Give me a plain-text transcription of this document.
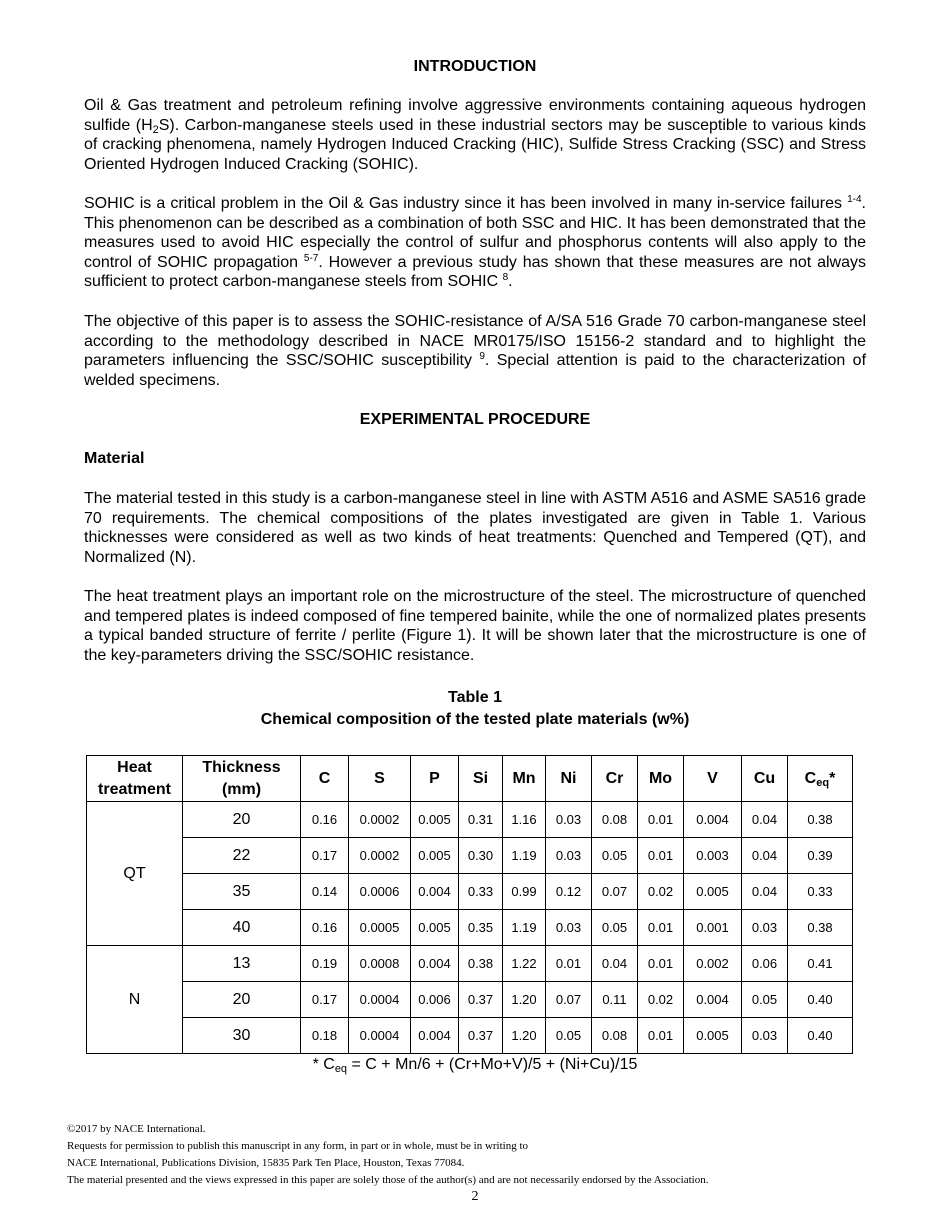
INTRODUCTION

Oil & Gas treatment and petroleum refining involve aggressive environments containing aqueous hydrogen sulfide $(H_2S)$. Carbon-manganese steels used in these industrial sectors may be susceptible to various kinds of cracking phenomena, namely Hydrogen Induced Cracking (HIC), Sulfide Stress Cracking (SSC) and Stress Oriented Hydrogen Induced Cracking (SOHIC).

SOHIC is a critical problem in the Oil & Gas industry since it has been involved in many in-service failures $^{1-4}$. This phenomenon can be described as a combination of both SSC and HIC. It has been demonstrated that the measures used to avoid HIC especially the control of sulfur and phosphorus contents will also apply to the control of SOHIC propagation $^{5-7}$. However a previous study has shown that these measures are not always sufficient to protect carbon-manganese steels from SOHIC $^8$.

The objective of this paper is to assess the SOHIC-resistance of A/SA 516 Grade 70 carbon-manganese steel according to the methodology described in NACE MR0175/ISO 15156-2 standard and to highlight the parameters influencing the SSC/SOHIC susceptibility $^9$. Special attention is paid to the characterization of welded specimens.

EXPERIMENTAL PROCEDURE
Material

The material tested in this study is a carbon-manganese steel in line with ASTM A516 and ASME SA516 grade 70 requirements. The chemical compositions of the plates investigated are given in Table 1. Various thicknesses were considered as well as two kinds of heat treatments: Quenched and Tempered (QT), and Normalized (N).

The heat treatment plays an important role on the microstructure of the steel. The microstructure of quenched and tempered plates is indeed composed of fine tempered bainite, while the one of normalized plates presents a typical banded structure of ferrite / perlite (Figure 1). It will be shown later that the microstructure is one of the key-parameters driving the SSC/SOHIC resistance.

Table 1
Chemical composition of the tested plate materials (w%)
Heat
treatment	Thickness
(mm)	C	S	P	Si	Mn	Ni	Cr	Mo	V	Cu	$C_{eq}*$
QT	20	0.16	0.0002	0.005	0.31	1.16	0.03	0.08	0.01	0.004	0.04	0.38
	22	0.17	0.0002	0.005	0.30	1.19	0.03	0.05	0.01	0.003	0.04	0.39
	35	0.14	0.0006	0.004	0.33	0.99	0.12	0.07	0.02	0.005	0.04	0.33
	40	0.16	0.0005	0.005	0.35	1.19	0.03	0.05	0.01	0.001	0.03	0.38
N	13	0.19	0.0008	0.004	0.38	1.22	0.01	0.04	0.01	0.002	0.06	0.41
	20	0.17	0.0004	0.006	0.37	1.20	0.07	0.11	0.02	0.004	0.05	0.40
	30	0.18	0.0004	0.004	0.37	1.20	0.05	0.08	0.01	0.005	0.03	0.40
* $C_{eq} = C + Mn/6 + (Cr+Mo+V)/5 + (Ni+Cu)/15$
©2017 by NACE International.
Requests for permission to publish this manuscript in any form, in part or in whole, must be in writing to
NACE International, Publications Division, 15835 Park Ten Place, Houston, Texas 77084.
The material presented and the views expressed in this paper are solely those of the author(s) and are not necessarily endorsed by the Association.
2
